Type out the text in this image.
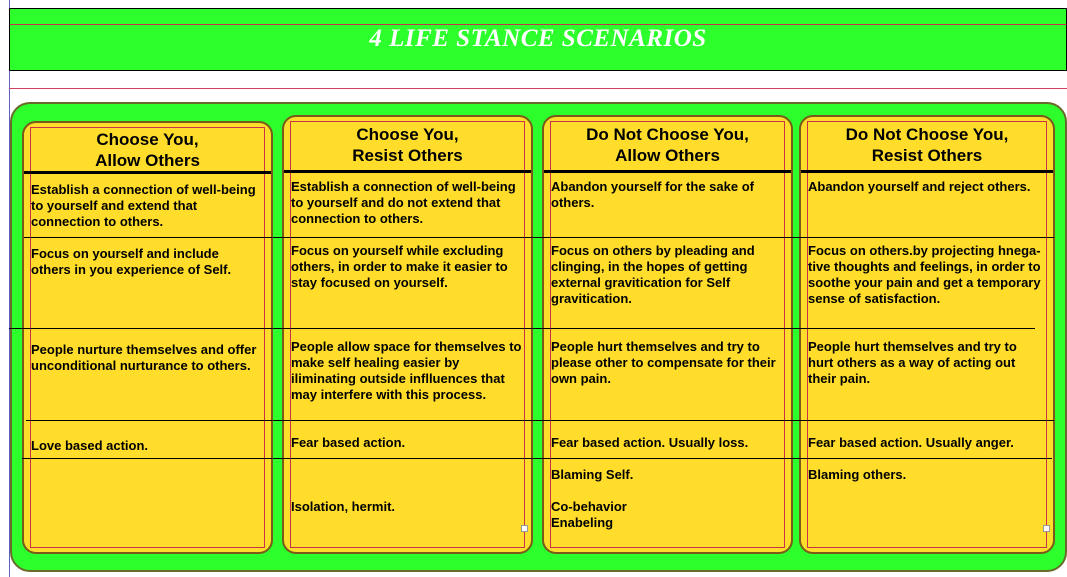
4 LIFE STANCE SCENARIOS
Choose You,
Allow Others
Establish a connection of well-being
to yourself and extend that
connection to others.
Focus on yourself and include
others in you experience of Self.
People nurture themselves and offer
unconditional nurturance to others.
Love based action.
Choose You,
Resist Others
Establish a connection of well-being
to yourself and do not extend that
connection to others.
Focus on yourself while excluding
others, in order to make it easier to
stay focused on yourself.
People allow space for themselves to
make self healing easier by
iliminating outside inflluences that
may interfere with this process.
Fear based action.
Isolation, hermit.
Do Not Choose You,
Allow Others
Abandon yourself for the sake of
others.
Focus on others by pleading and
clinging, in the hopes of getting
external gravitication for Self
gravitication.
People hurt themselves and try to
please other to compensate for their
own pain.
Fear based action. Usually loss.
Blaming Self.

Co-behavior
Enabeling
Do Not Choose You,
Resist Others
Abandon yourself and reject others.
Focus on others.by projecting hnega-
tive thoughts and feelings, in order to
soothe your pain and get a temporary
sense of satisfaction.
People hurt themselves and try to
hurt others as a way of acting out
their pain.
Fear based action. Usually anger.
Blaming others.
